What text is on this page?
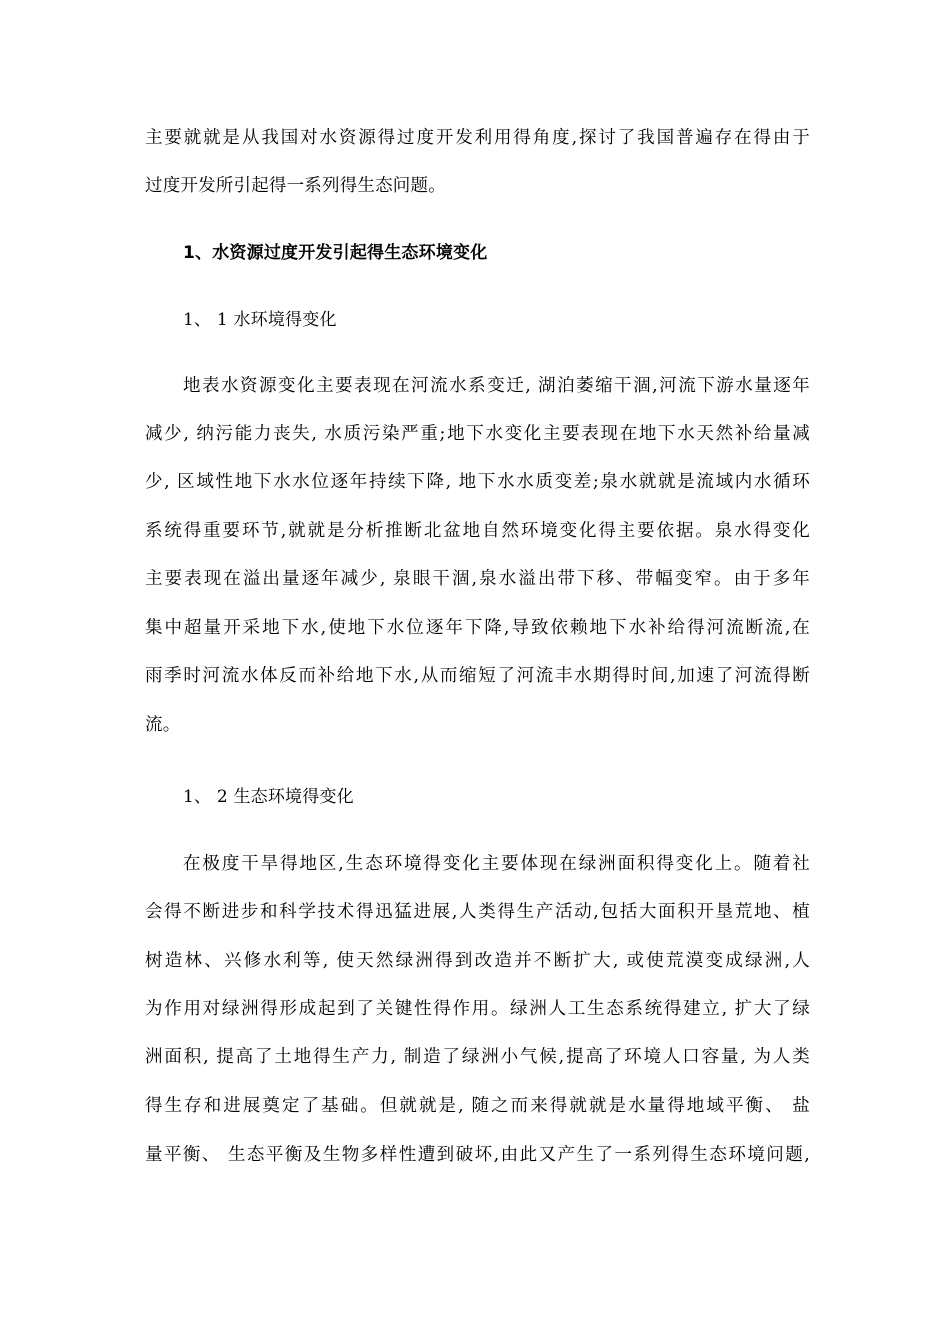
主要就就是从我国对水资源得过度开发利用得角度,探讨了我国普遍存在得由于
过度开发所引起得一系列得生态问题。
1、水资源过度开发引起得生态环境变化
1、 1 水环境得变化
地表水资源变化主要表现在河流水系变迁, 湖泊萎缩干涸,河流下游水量逐年
减少, 纳污能力丧失, 水质污染严重;地下水变化主要表现在地下水天然补给量减
少, 区域性地下水水位逐年持续下降, 地下水水质变差;泉水就就是流域内水循环
系统得重要环节,就就是分析推断北盆地自然环境变化得主要依据。泉水得变化
主要表现在溢出量逐年减少, 泉眼干涸,泉水溢出带下移、带幅变窄。由于多年
集中超量开采地下水,使地下水位逐年下降,导致依赖地下水补给得河流断流,在
雨季时河流水体反而补给地下水,从而缩短了河流丰水期得时间,加速了河流得断
流。
1、 2 生态环境得变化
在极度干旱得地区,生态环境得变化主要体现在绿洲面积得变化上。随着社
会得不断进步和科学技术得迅猛进展,人类得生产活动,包括大面积开垦荒地、植
树造林、兴修水利等, 使天然绿洲得到改造并不断扩大, 或使荒漠变成绿洲,人
为作用对绿洲得形成起到了关键性得作用。绿洲人工生态系统得建立, 扩大了绿
洲面积, 提高了土地得生产力, 制造了绿洲小气候,提高了环境人口容量, 为人类
得生存和进展奠定了基础。但就就是, 随之而来得就就是水量得地域平衡、 盐
量平衡、 生态平衡及生物多样性遭到破坏,由此又产生了一系列得生态环境问题,
